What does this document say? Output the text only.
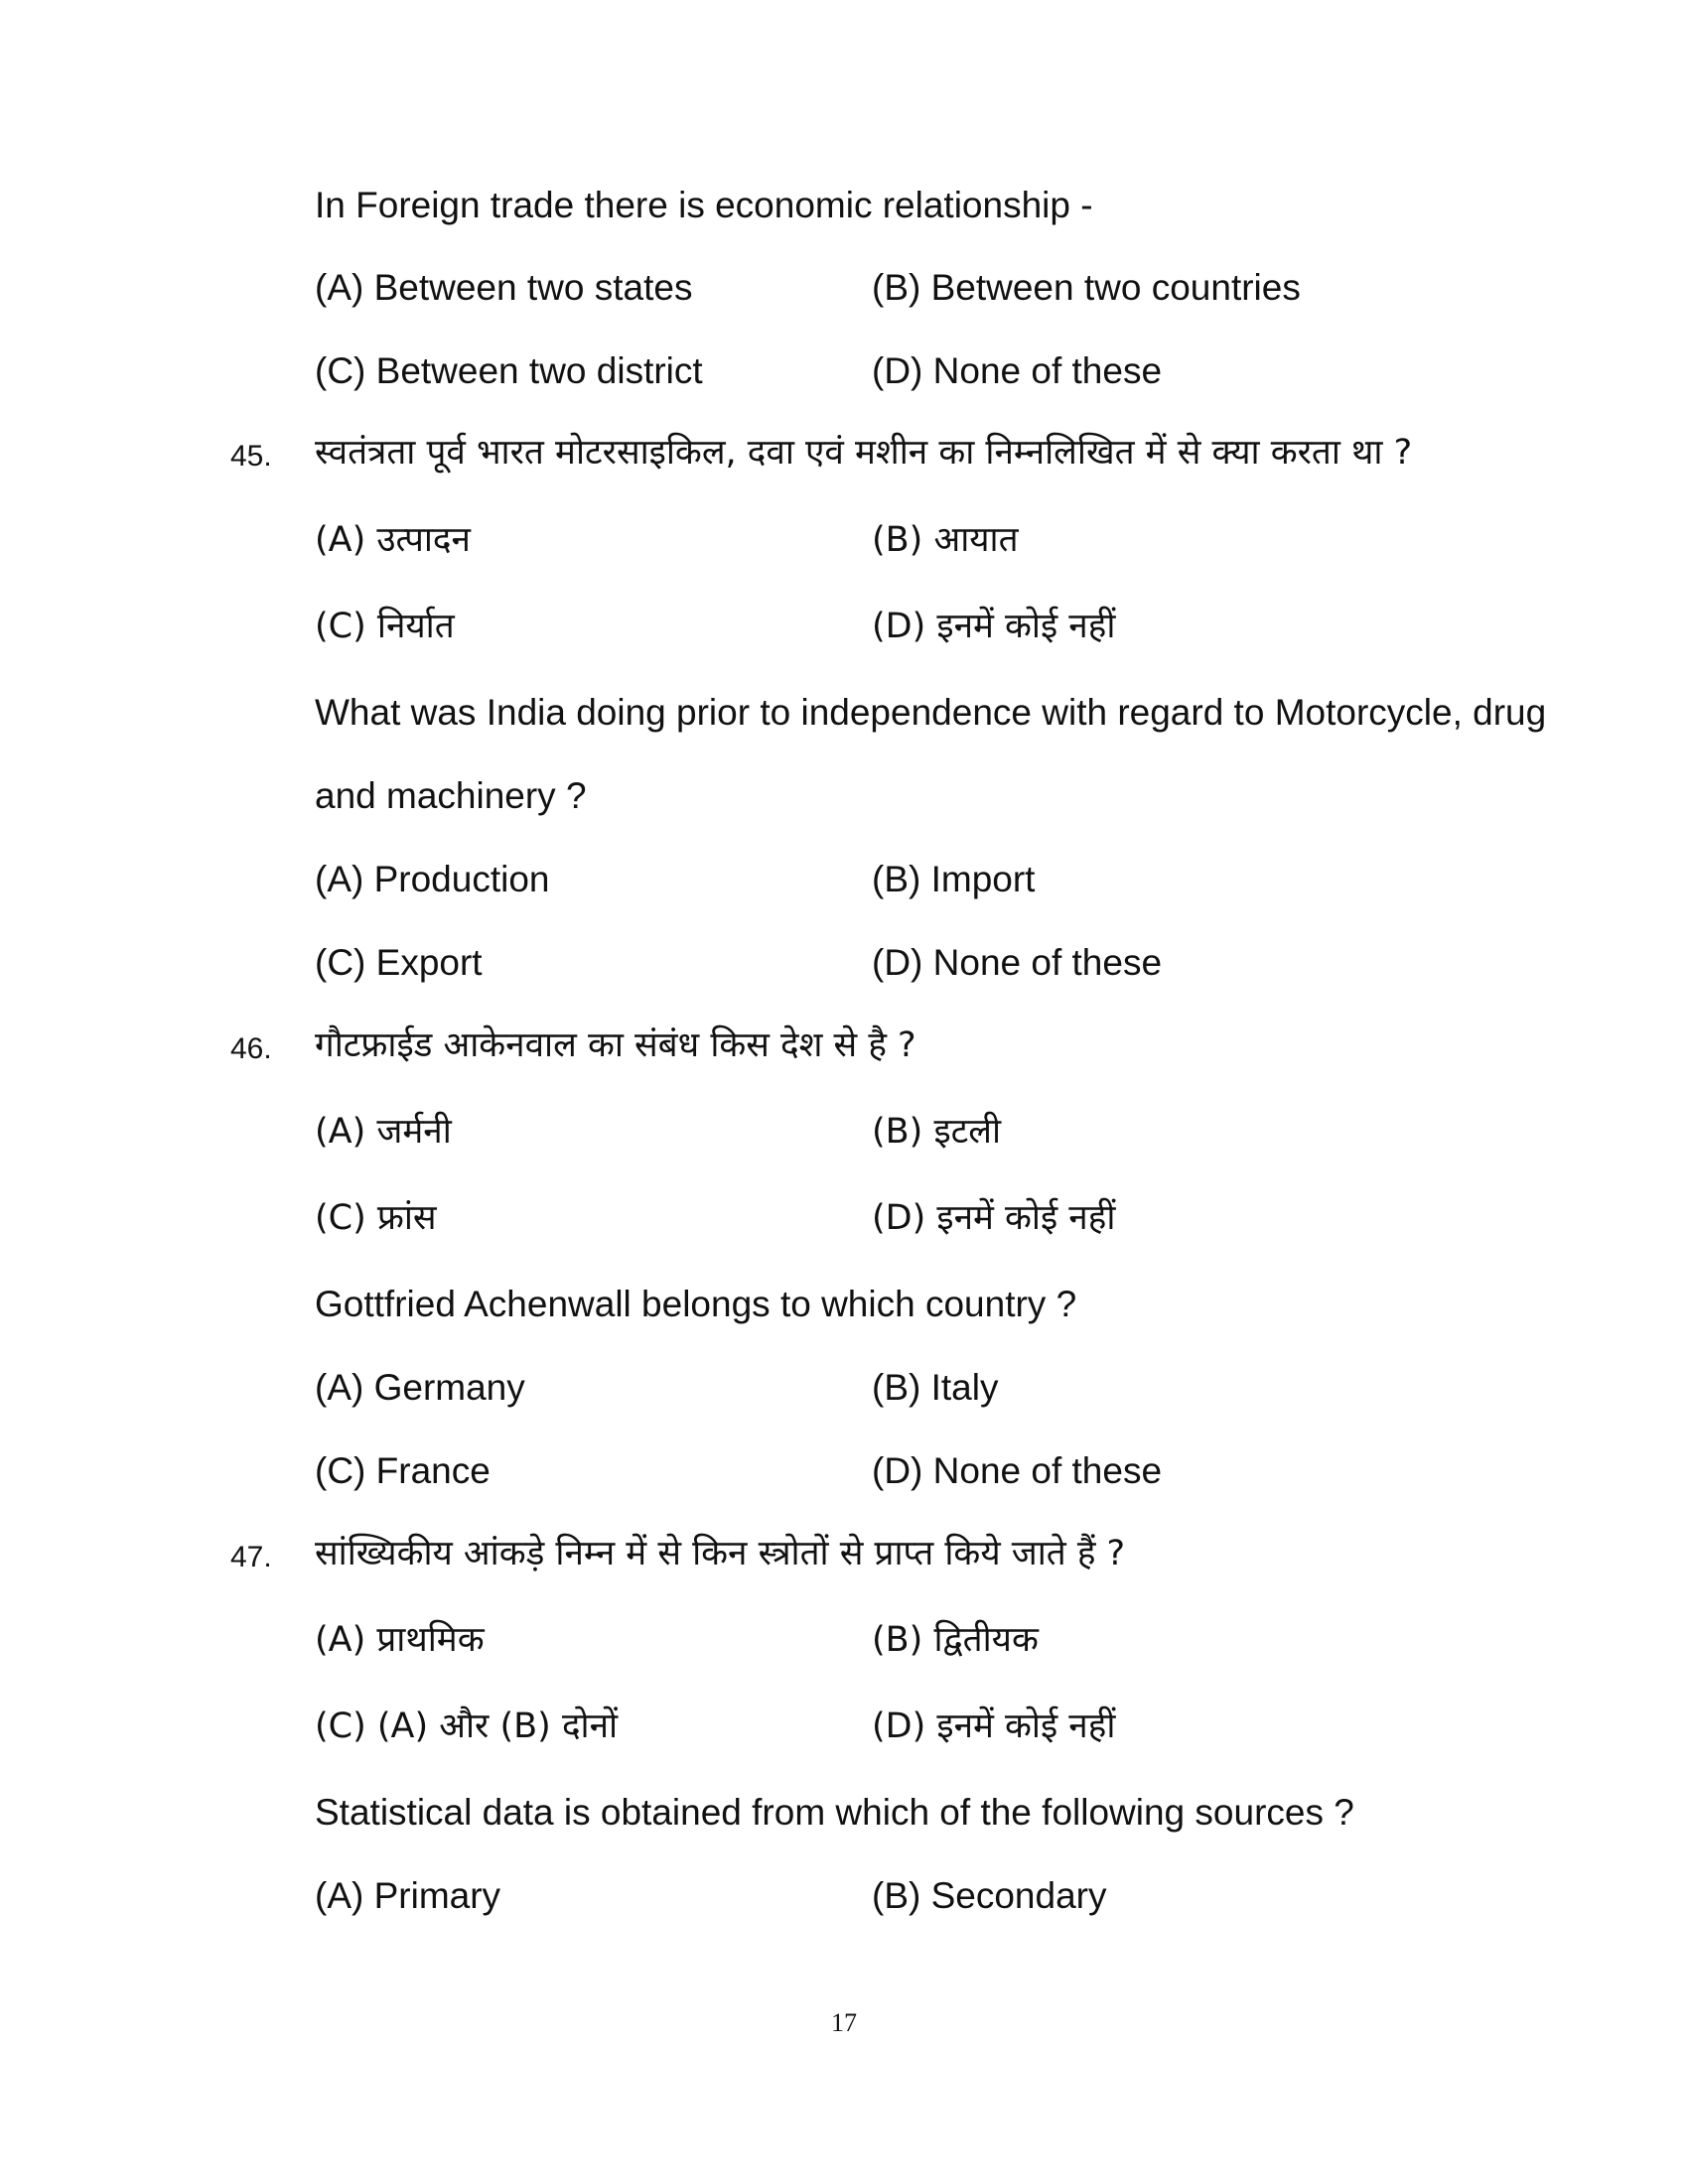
In Foreign trade there is economic relationship -
(A) Between two states	(B) Between two countries
(C) Between two district	(D) None of these
45. स्वतंत्रता पूर्व भारत मोटरसाइकिल, दवा एवं मशीन का निम्नलिखित में से क्या करता था ?
(A) उत्पादन	(B) आयात
(C) निर्यात	(D) इनमें कोई नहीं
What was India doing prior to independence with regard to Motorcycle, drug
and machinery ?
(A) Production	(B) Import
(C) Export	(D) None of these
46. गौटफ्राईड आकेनवाल का संबंध किस देश से है ?
(A) जर्मनी	(B) इटली
(C) फ्रांस	(D) इनमें कोई नहीं
Gottfried Achenwall belongs to which country ?
(A) Germany	(B) Italy
(C) France	(D) None of these
47. सांख्यिकीय आंकड़े निम्न में से किन स्त्रोतों से प्राप्त किये जाते हैं ?
(A) प्राथमिक	(B) द्वितीयक
(C) (A) और (B) दोनों	(D) इनमें कोई नहीं
Statistical data is obtained from which of the following sources ?
(A) Primary	(B) Secondary
17
